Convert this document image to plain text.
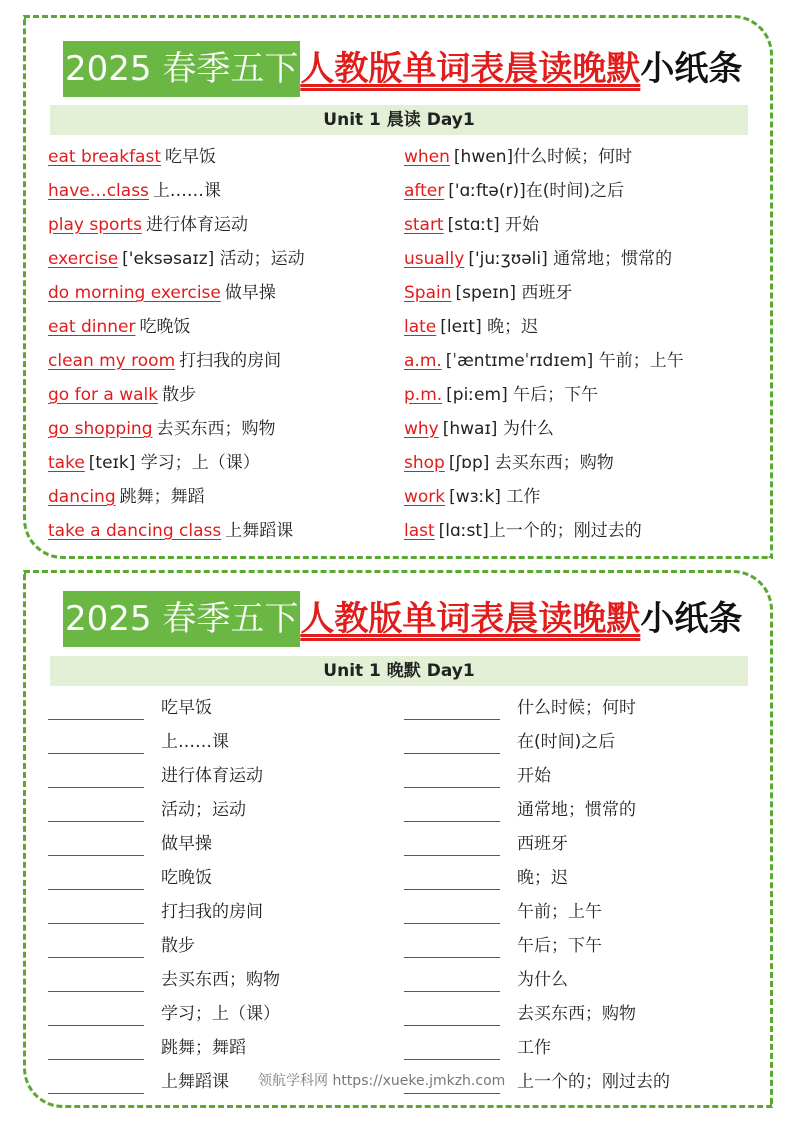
2025 春季五下 人教版单词表晨读晚默 小纸条
Unit 1 晨读 Day1
2025 春季五下 人教版单词表晨读晚默 小纸条
Unit 1 晚默 Day1
eat breakfast 吃早饭
have…class 上……课
play sports 进行体育运动
exercise ['eksəsaɪz] 活动；运动
do morning exercise 做早操
eat dinner 吃晚饭
clean my room 打扫我的房间
go for a walk 散步
go shopping 去买东西；购物
take [teɪk] 学习；上（课）
dancing 跳舞；舞蹈
take a dancing class 上舞蹈课
when [hwen]什么时候；何时
after ['ɑːftə(r)]在(时间)之后
start [stɑːt] 开始
usually ['juːʒʊəli] 通常地；惯常的
Spain [speɪn] 西班牙
late [leɪt] 晚；迟
a.m. [ˈæntɪmeˈrɪdɪem] 午前；上午
p.m. [piːem] 午后；下午
why [hwaɪ] 为什么
shop [ʃɒp] 去买东西；购物
work [wɜːk] 工作
last [lɑːst]上一个的；刚过去的
吃早饭
上……课
进行体育运动
活动；运动
做早操
吃晚饭
打扫我的房间
散步
去买东西；购物
学习；上（课）
跳舞；舞蹈
上舞蹈课
什么时候；何时
在(时间)之后
开始
通常地；惯常的
西班牙
晚；迟
午前；上午
午后；下午
为什么
去买东西；购物
工作
上一个的；刚过去的
领航学科网 https://xueke.jmkzh.com
